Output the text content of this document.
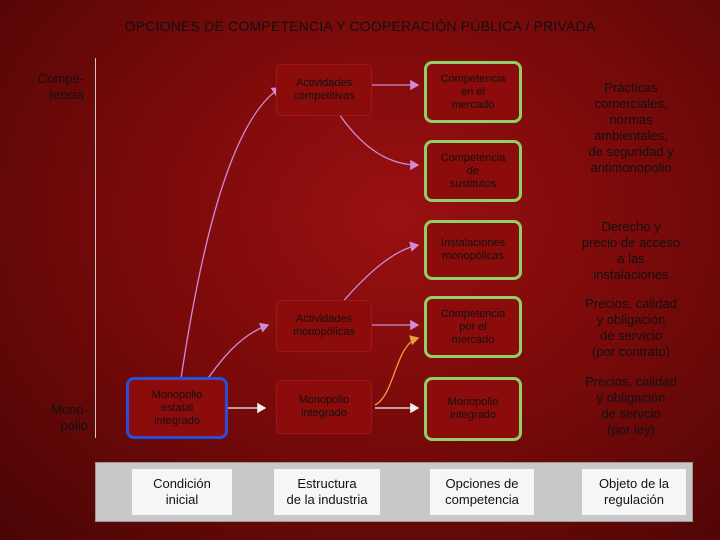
OPCIONES DE COMPETENCIA Y COOPERACIÓN PÚBLICA / PRIVADA
Compe-
tencia
Mono-
polio
Monopolio
estatal
integrado
Actividades
competitivas
Actividades
monopólicas
Monopolio
integrado
Competencia
en el
mercado
Competencia
de
sustitutos
Instalaciones
monopólicas
Competencia
por el
mercado
Monopolio
integrado
Prácticas
comerciales,
normas
ambientales,
de seguridad y
antimonopolio
Derecho y
precio de acceso
a las
instalaciones
Precios, calidad
y obligación
de servicio
(por contrato)
Precios, calidad
y obligación
de servcio
(por ley)
Condición
inicial
Estructura
de la industria
Opciones de
competencia
Objeto de la
regulación
